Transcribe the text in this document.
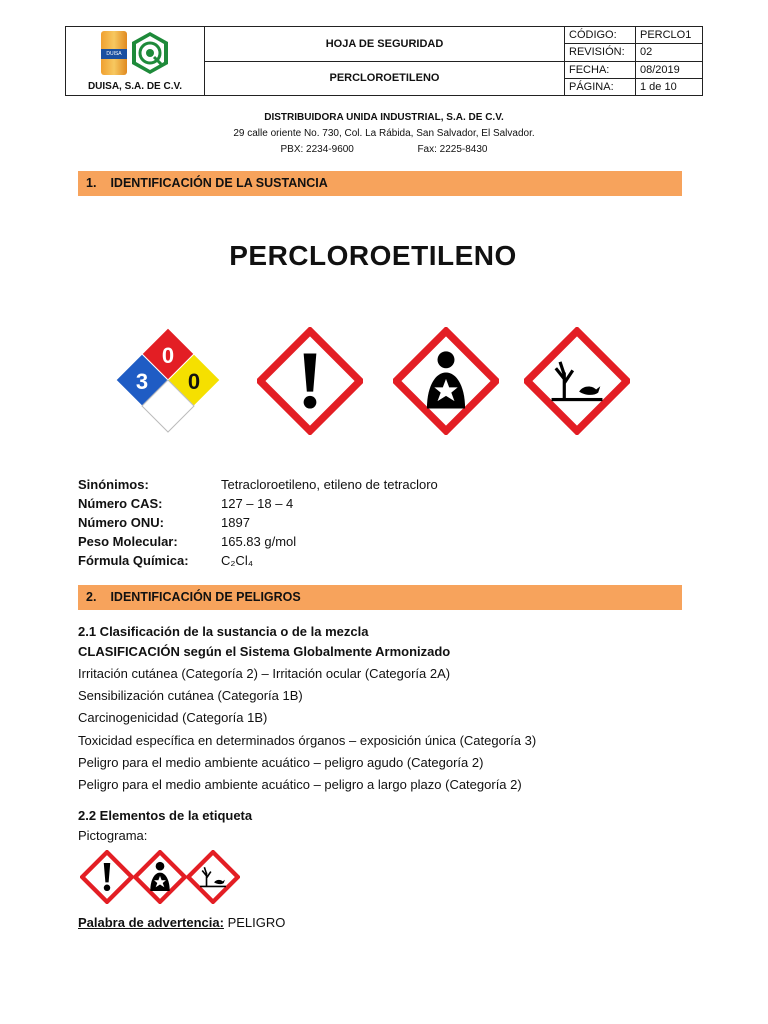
DUISA
DUISA, S.A. DE C.V.	HOJA DE SEGURIDAD	CÓDIGO:	PERCLO1
		REVISIÓN:	02
	PERCLOROETILENO	FECHA:	08/2019
		PÁGINA:	1 de 10
DISTRIBUIDORA UNIDA INDUSTRIAL, S.A. DE C.V.
29 calle oriente No. 730, Col. La Rábida, San Salvador, El Salvador.
PBX: 2234-9600	Fax: 2225-8430
1. IDENTIFICACIÓN DE LA SUSTANCIA
PERCLOROETILENO
0
3 0
Sinónimos:	Tetracloroetileno, etileno de tetracloro
Número CAS:	127 – 18 – 4
Número ONU:	1897
Peso Molecular:	165.83 g/mol
Fórmula Química: C₂Cl₄
2. IDENTIFICACIÓN DE PELIGROS
2.1 Clasificación de la sustancia o de la mezcla
CLASIFICACIÓN según el Sistema Globalmente Armonizado
Irritación cutánea (Categoría 2) – Irritación ocular (Categoría 2A)
Sensibilización cutánea (Categoría 1B)
Carcinogenicidad (Categoría 1B)
Toxicidad específica en determinados órganos – exposición única (Categoría 3)
Peligro para el medio ambiente acuático – peligro agudo (Categoría 2)
Peligro para el medio ambiente acuático – peligro a largo plazo (Categoría 2)
2.2 Elementos de la etiqueta
Pictograma:
Palabra de advertencia: PELIGRO
